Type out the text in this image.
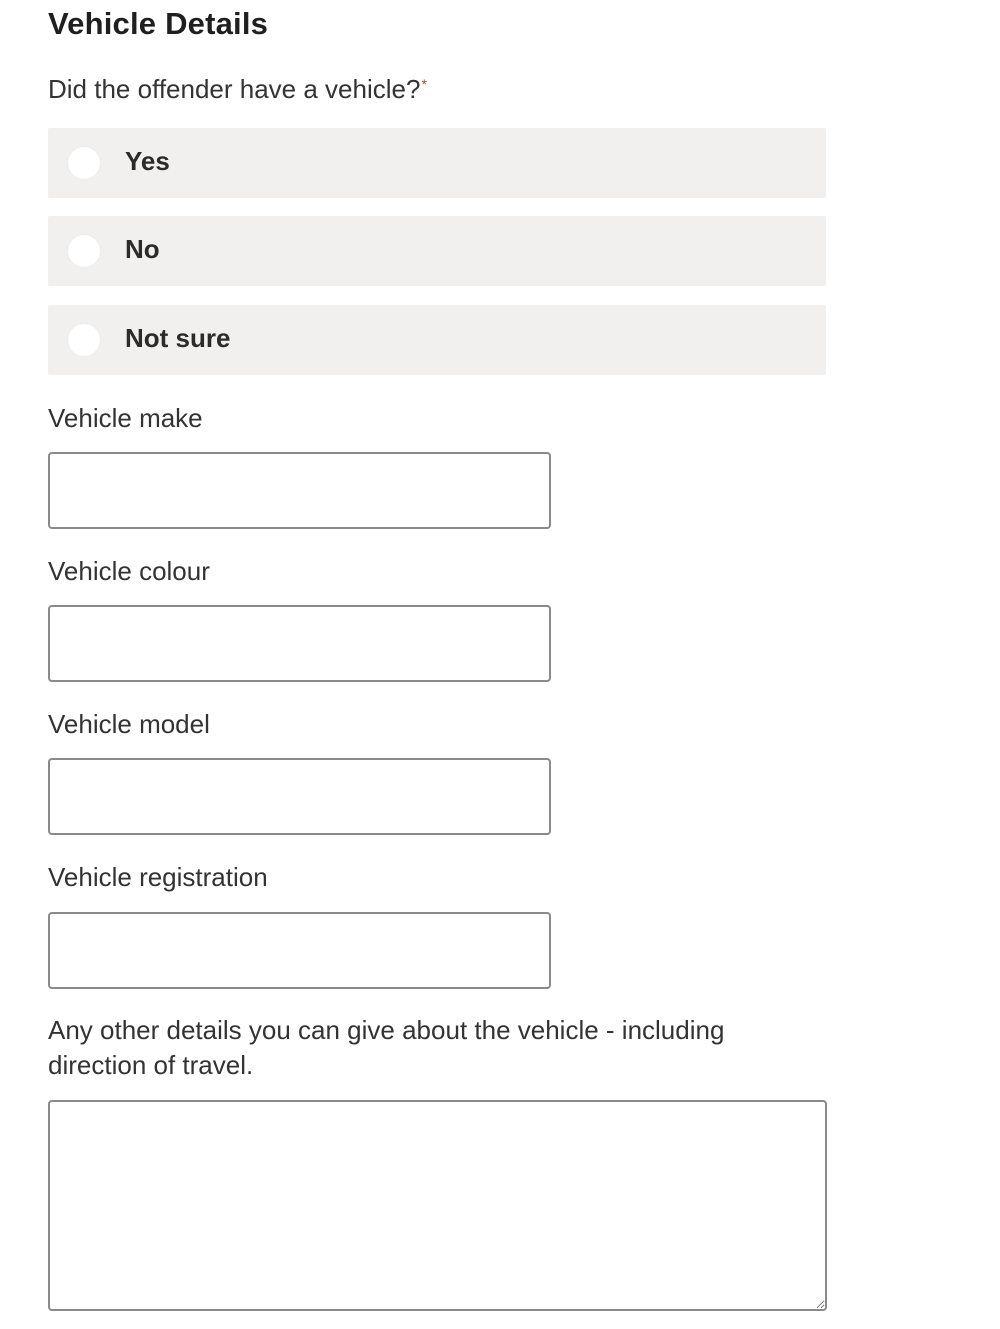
Vehicle Details
Did the offender have a vehicle?*
Yes
No
Not sure
Vehicle make
Vehicle colour
Vehicle model
Vehicle registration
Any other details you can give about the vehicle - including direction of travel.
